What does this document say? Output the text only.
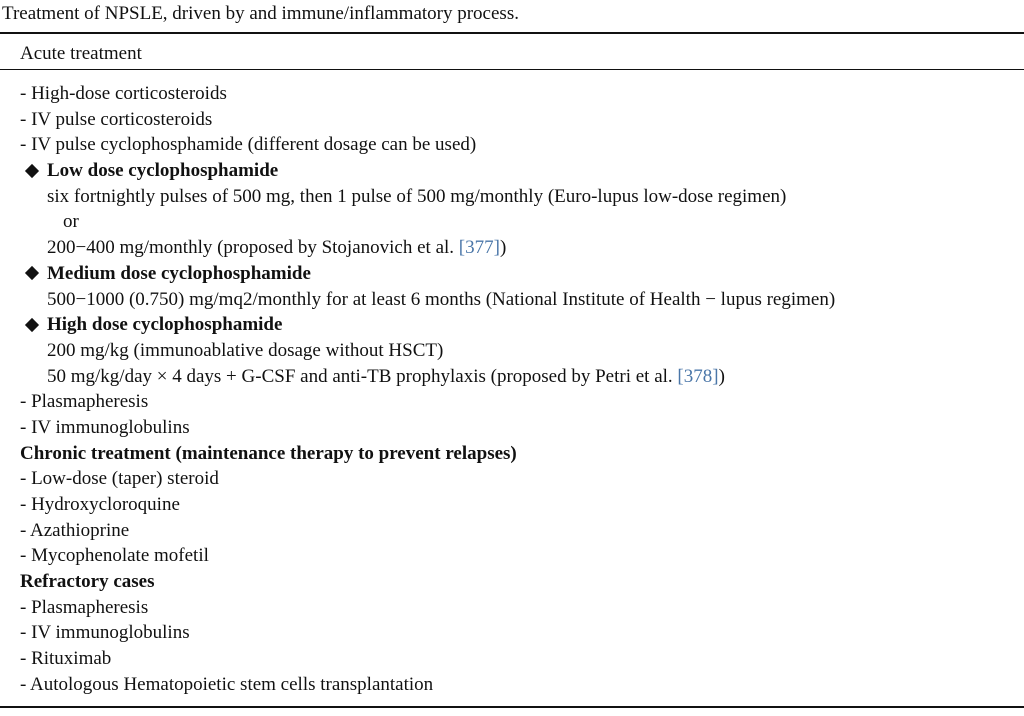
Treatment of NPSLE, driven by and immune/inflammatory process.
Acute treatment
- High-dose corticosteroids
- IV pulse corticosteroids
- IV pulse cyclophosphamide (different dosage can be used)
Low dose cyclophosphamide
six fortnightly pulses of 500 mg, then 1 pulse of 500 mg/monthly (Euro-lupus low-dose regimen)
or
200−400 mg/monthly (proposed by Stojanovich et al. [377])
Medium dose cyclophosphamide
500−1000 (0.750) mg/mq2/monthly for at least 6 months (National Institute of Health − lupus regimen)
High dose cyclophosphamide
200 mg/kg (immunoablative dosage without HSCT)
50 mg/kg/day × 4 days + G-CSF and anti-TB prophylaxis (proposed by Petri et al. [378])
- Plasmapheresis
- IV immunoglobulins
Chronic treatment (maintenance therapy to prevent relapses)
- Low-dose (taper) steroid
- Hydroxycloroquine
- Azathioprine
- Mycophenolate mofetil
Refractory cases
- Plasmapheresis
- IV immunoglobulins
- Rituximab
- Autologous Hematopoietic stem cells transplantation
